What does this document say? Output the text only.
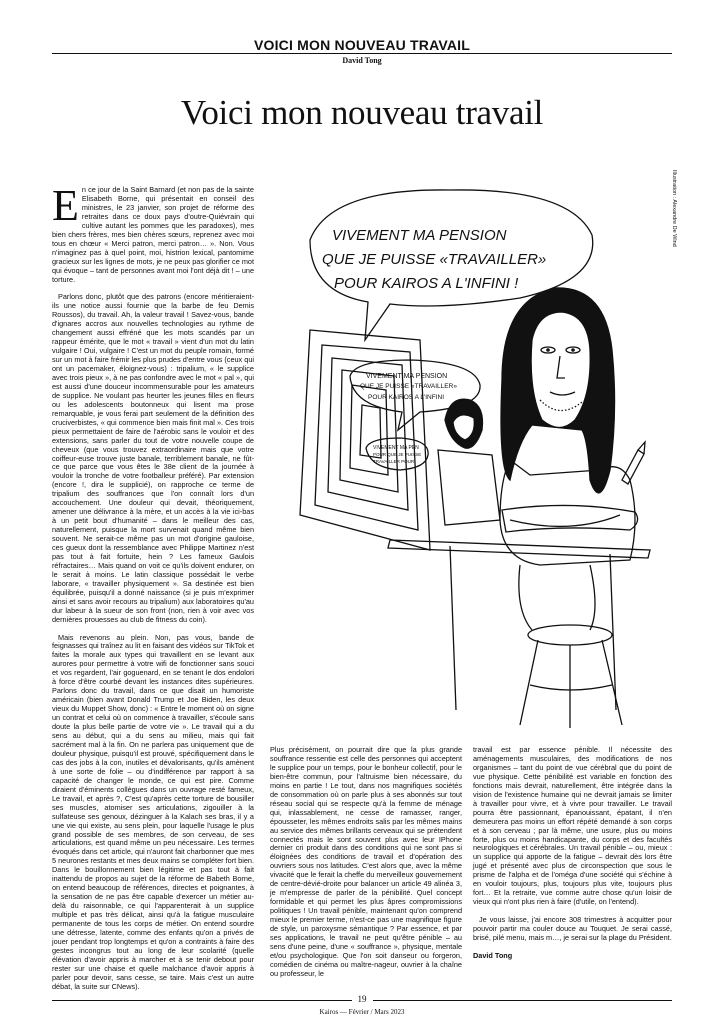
VOICI MON NOUVEAU TRAVAIL
David Tong
Voici mon nouveau travail
Illustration : Alexandre De Wind

En ce jour de la Saint Barnard (et non pas de la sainte Elisabeth Borne, qui présentait en conseil des ministres, le 23 janvier, son projet de réforme des retraites dans ce doux pays d'outre-Quiévrain qui cultive autant les pommes que les paradoxes), mes bien chers frères, mes bien chères sœurs, reprenez avec moi tous en chœur « Merci patron, merci patron… ». Non. Vous n'imaginez pas à quel point, moi, histrion lexical, pantomime gracieux sur les lignes de mots, je ne peux pas glorifier ce mot qui évoque – tant de personnes avant moi l'ont déjà dit ! – une torture.

Parlons donc, plutôt que des patrons (encore méritieraient-ils une notice aussi fournie que la barbe de feu Demis Roussos), du travail. Ah, la valeur travail ! Savez-vous, bande d'ignares accros aux nouvelles technologies au rythme de changement aussi effréné que les mots scandés par un rappeur émérite, que le mot « travail » vient d'un mot du latin vulgaire ! Oui, vulgaire ! C'est un mot du peuple romain, formé sur un mot à faire frémir les plus prudes d'entre vous (ceux qui ont un pacemaker, éloignez-vous) : tripalium, « le supplice avec trois pieux », à ne pas confondre avec le mot « pal », qui est aussi d'une douceur incommensurable pour les amateurs de supplice. Ne voulant pas heurter les jeunes filles en fleurs ou les adolescents boutonneux qui lisent ma prose remarquable, je vous ferai part seulement de la définition des cruciverbistes, « qui commence bien mais finit mal ». Ces trois pieux permettaient de faire de l'aérobic sans le vouloir et des extensions, sans parler du tout de votre nouvelle coupe de cheveux (que vous trouvez extraordinaire mais que votre coiffeur-euse trouve juste banale, terriblement banale, ne fût-ce que parce que vous êtes le 38e client de la journée à vouloir la tronche de votre footballeur préféré). Par extension (encore !, dira le supplicié), on rapproche ce terme de tripalium des souffrances que l'on connaît lors d'un accouchement. Une douleur qui devait, théoriquement, amener une délivrance à la mère, et un accès à la vie ici-bas à un petit bout d'humanité – dans le meilleur des cas, naturellement, puisque la mort survenait quand même bien souvent. Ne serait-ce même pas un mot d'origine gauloise, ces gueux dont la ressemblance avec Philippe Martinez n'est pas tout à fait fortuite, hein ? Les fameux Gaulois réfractaires… Mais quand on voit ce qu'ils doivent endurer, on le serait à moins. Le latin classique possédait le verbe laborare, « travailler physiquement ». Sa destinée est bien équilibrée, puisqu'il a donné naissance (si je puis m'exprimer ainsi et sans avoir recours au tripalium) aux laboratoires qu'au dur labeur à la sueur de son front (non, rien à voir avec vos dernières prouesses au club de fitness du coin).

Mais revenons au plein. Non, pas vous, bande de feignasses qui traînez au lit en faisant des vidéos sur TikTok et faites la morale aux types qui travaillent en se levant aux aurores pour permettre à votre wifi de fonctionner sans souci et vos regardent, l'air goguenard, en se tenant le dos endolori à force d'être courbé devant les instances dites supérieures. Parlons donc du travail, dans ce que disait un humoriste américain (bien avant Donald Trump et Joe Biden, les deux vieux du Muppet Show, donc) : « Entre le moment où on signe un contrat et celui où on commence à travailler, s'écoule sans doute la plus belle partie de votre vie ». Le travail qui a du sens au début, qui a du sens au milieu, mais qui fait sacrément mal à la fin. On ne parlera pas uniquement que de douleur physique, puisqu'il est prouvé, spécifiquement dans le cas des jobs à la con, inutiles et dévalorisants, qu'ils amènent à une sorte de folie – ou d'indifférence par rapport à sa capacité de changer le monde, ce qui est pire. Comme diraient d'éminents collègues dans un ouvrage resté fameux, Le travail, et après ?, C'est qu'après cette torture de bousiller ses muscles, atomiser ses articulations, zigouiller à la sulfateuse ses genoux, dézinguer à la Kalach ses bras, il y a une vie qui existe, au sens plein, pour laquelle l'usage le plus grand possible de ses membres, de son cerveau, de ses articulations, est quand même un peu nécessaire. Les termes évoqués dans cet article, qui n'auront fait charbonner que mes 5 neurones restants et mes deux mains se compléter fort bien. Dans le bouillonnement bien légitime et pas tout à fait inattendu de propos au sujet de la réforme de Babeth Borne, on entend beaucoup de références, directes et poignantes, à la sensation de ne pas être capable d'exercer un métier au-delà du raisonnable, ce qui l'apparenterait à un supplice multiple et pas très délicat, ainsi qu'à la fatigue musculaire permanente de tous les corps de métier. On entend sourdre une détresse, latente, comme des enfants qu'on a privés de jouer pendant trop longtemps et qu'on a contraints à faire des gestes incongrus tout au long de leur scolarité (quelle élévation d'avoir appris à marcher et à se tenir debout pour rester sur une chaise et quelle malchance d'avoir appris à parler pour devoir, sans cesse, se taire. Mais c'est un autre débat, la suite sur CNews).

VIVEMENT MA PENSION
QUE JE PUISSE «TRAVAILLER»
POUR KAIROS A L'INFINI !
VIVEMENT MA PENSION
QUE JE PUISSE «TRAVAILLER»
POUR KAIROS A L'INFINI
VIVEMENT MA PEN
POUR QUE JE PUISSE
TRAVAILLER POUR

Plus précisément, on pourrait dire que la plus grande souffrance ressentie est celle des personnes qui acceptent le supplice pour un temps, pour le bonheur collectif, pour le bien-être commun, pour l'altruisme bien nécessaire, du moins en partie ! Le tout, dans nos magnifiques sociétés de consommation où on parle plus à ses abonnés sur tout réseau social qui se respecte qu'à la femme de ménage qui, inlassablement, ne cesse de ramasser, ranger, épousseter, les mêmes endroits salis par les mêmes mains au service des mêmes brillants cerveaux qui se prétendent connectés mais le sont souvent plus avec leur IPhone dernier cri produit dans des conditions qui ne sont pas si éloignées des conditions de travail et d'opération des ouvriers sous nos latitudes. C'est alors que, avec la même vivacité que le ferait la cheffe du merveilleux gouvernement de centre-dévié-droite pour balancer un article 49 alinéa 3, je m'empresse de parler de la pénibilité. Quel concept formidable et qui permet les plus âpres compromissions politiques ! Un travail pénible, maintenant qu'on comprend mieux le premier terme, n'est-ce pas une magnifique figure de style, un paroxysme sémantique ? Par essence, et par ses applications, le travail ne peut qu'être pénible – au sens d'une peine, d'une « souffrance », physique, mentale et/ou psychologique. Que l'on soit danseur ou forgeron, comédien de cinéma ou maître-nageur, ouvrier à la chaîne ou professeur, le

travail est par essence pénible. Il nécessite des aménagements musculaires, des modifications de nos organismes – tant du point de vue cérébral que du point de vue physique. Cette pénibilité est variable en fonction des fonctions mais devrait, naturellement, être intégrée dans la vision de l'existence humaine qui ne devrait jamais se limiter à travailler pour vivre, et à vivre pour travailler. Le travail pourra être passionnant, épanouissant, épatant, il n'en demeurera pas moins un effort répété demandé à son corps et à son cerveau ; par là même, une usure, plus ou moins forte, plus ou moins handicapante, du corps et des facultés neurologiques et cérébrales. Un travail pénible – ou, mieux : un supplice qui apporte de la fatigue – devrait dès lors être jugé et présenté avec plus de circonspection que sous le prisme de l'alpha et de l'oméga d'une société qui s'échine à en vouloir toujours, plus, toujours plus vite, toujours plus fort… Et la retraite, vue comme autre chose qu'un loisir de vieux qui n'ont plus rien à faire (d'utile, on l'entend).

Je vous laisse, j'ai encore 308 trimestres à acquitter pour pouvoir partir ma couler douce au Touquet. Je serai cassé, brisé, pilé menu, mais m…, je serai sur la plage du Président.

David Tong

19
Kairos — Février / Mars 2023
